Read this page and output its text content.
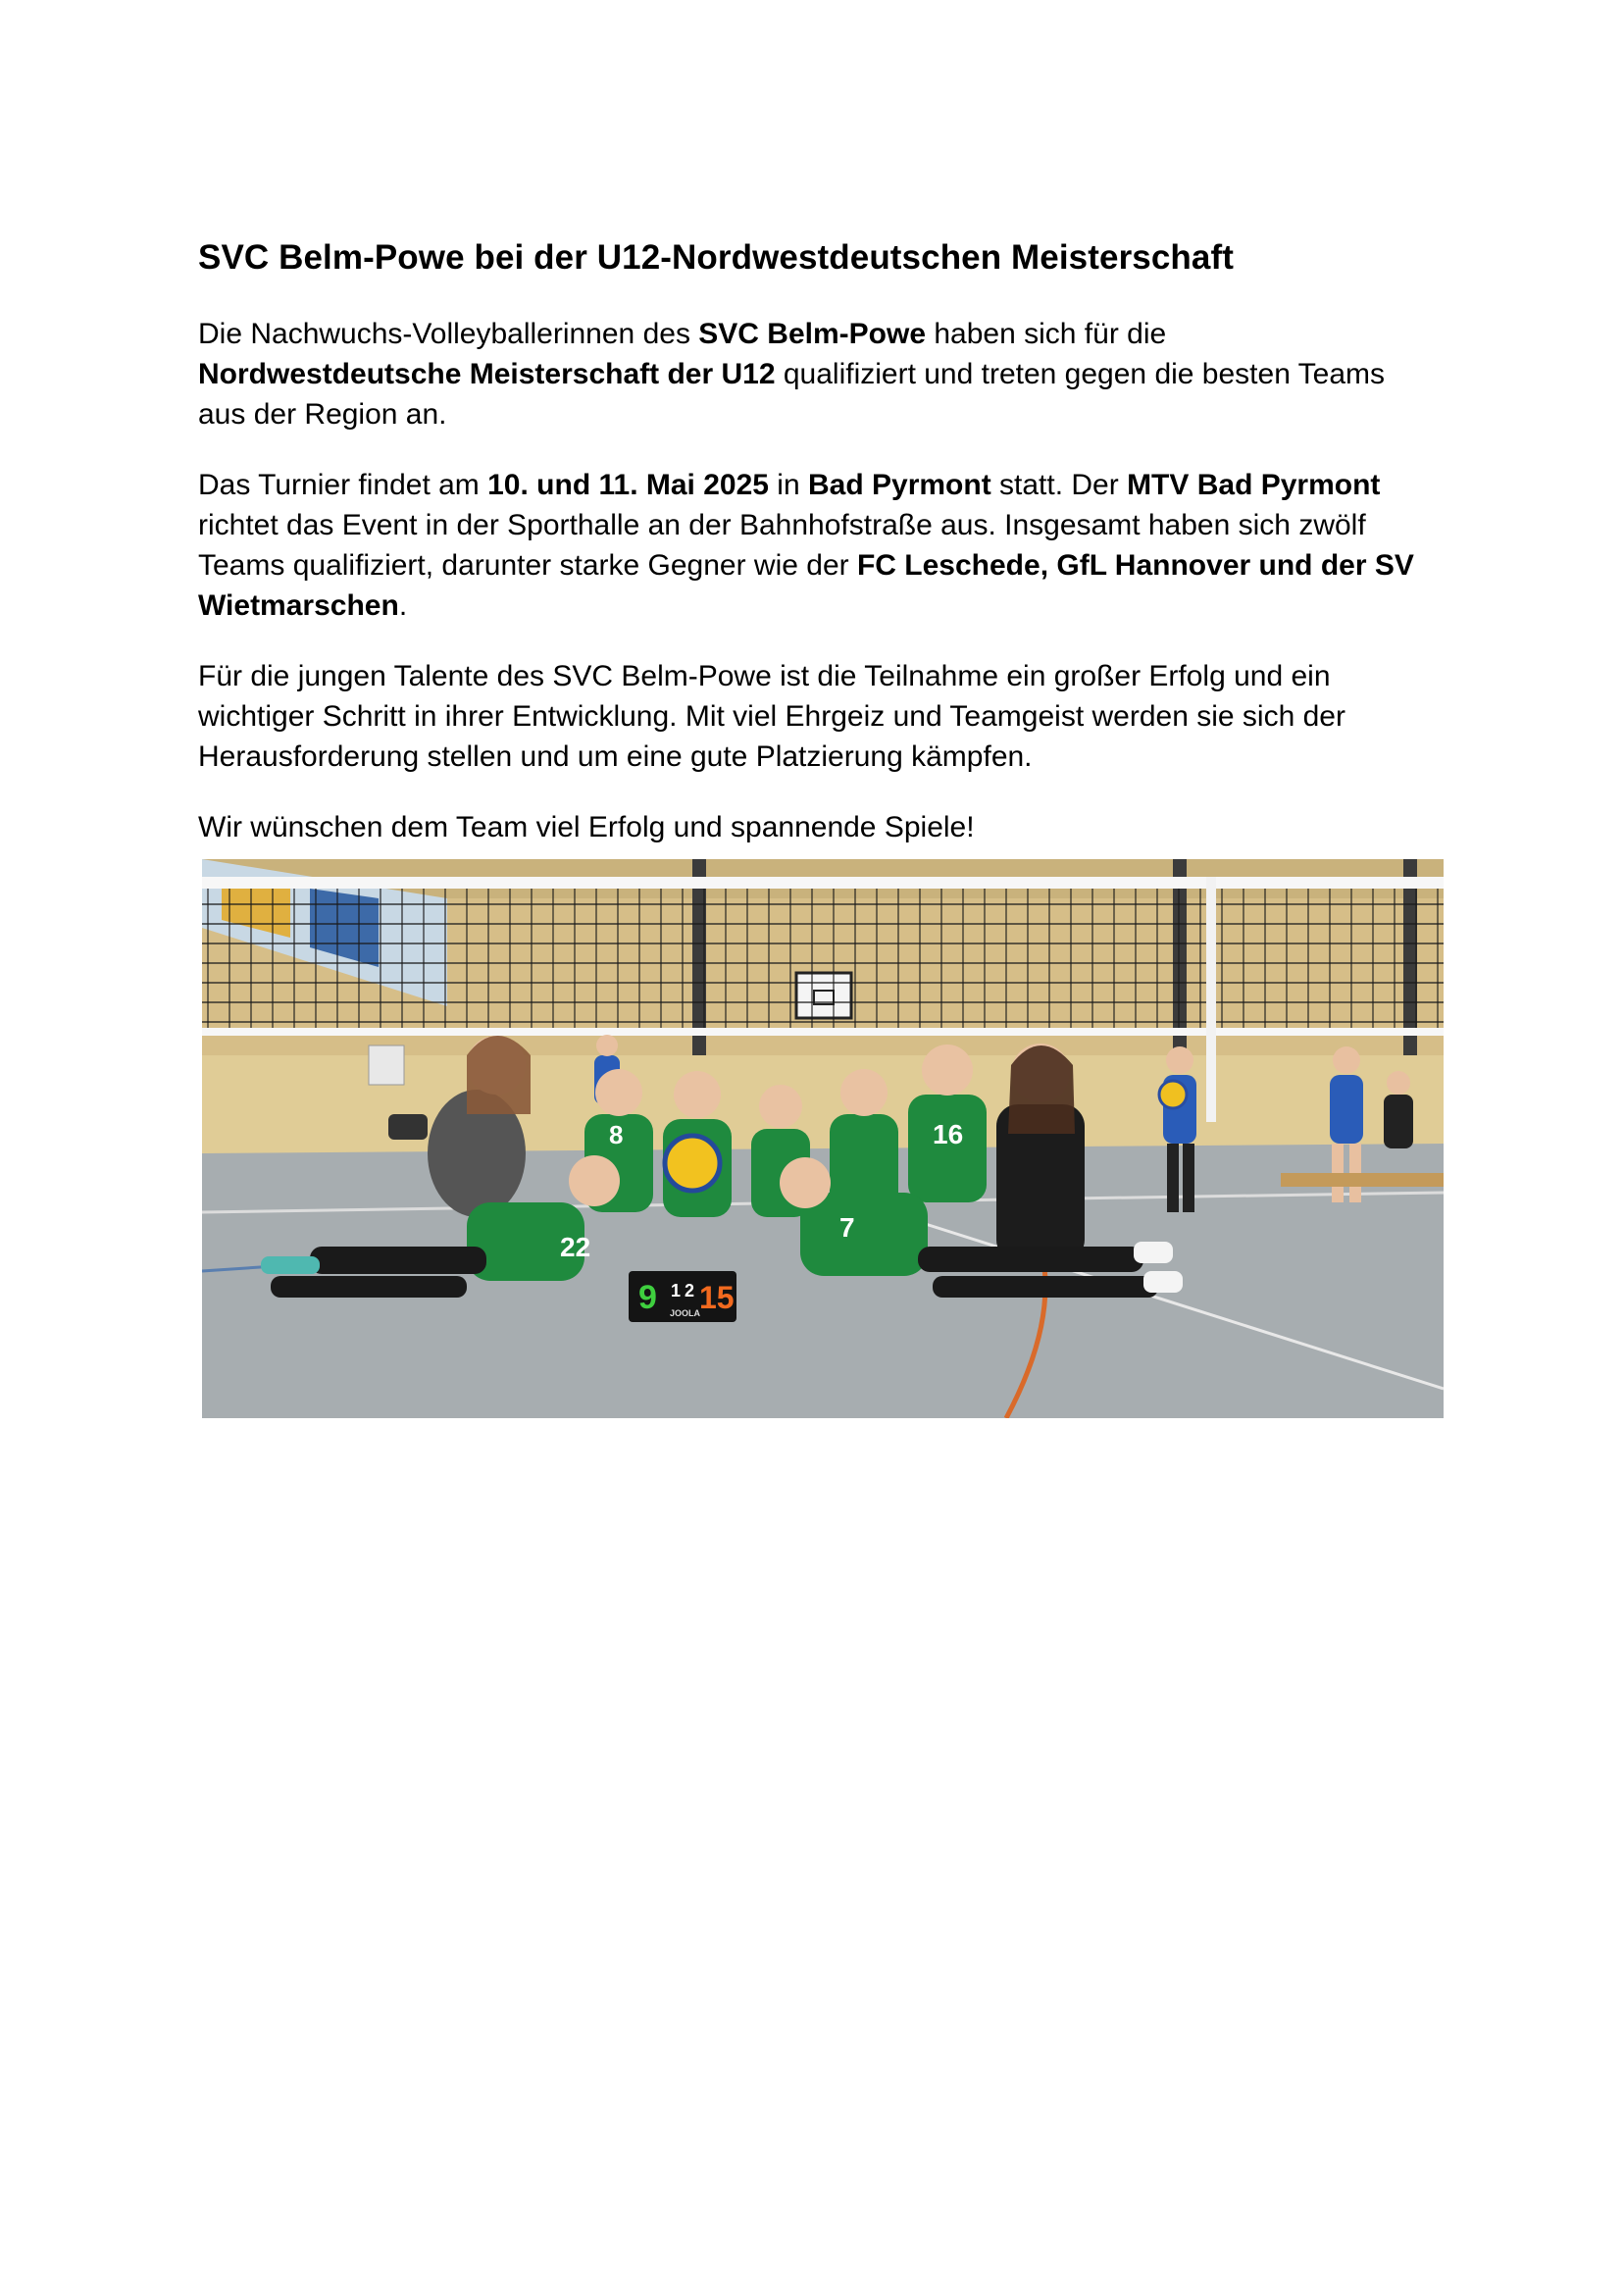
SVC Belm-Powe bei der U12-Nordwestdeutschen Meisterschaft

Die Nachwuchs-Volleyballerinnen des SVC Belm-Powe haben sich für die Nordwestdeutsche Meisterschaft der U12 qualifiziert und treten gegen die besten Teams aus der Region an.

Das Turnier findet am 10. und 11. Mai 2025 in Bad Pyrmont statt. Der MTV Bad Pyrmont richtet das Event in der Sporthalle an der Bahnhofstraße aus. Insgesamt haben sich zwölf Teams qualifiziert, darunter starke Gegner wie der FC Leschede, GfL Hannover und der SV Wietmarschen.

Für die jungen Talente des SVC Belm-Powe ist die Teilnahme ein großer Erfolg und ein wichtiger Schritt in ihrer Entwicklung. Mit viel Ehrgeiz und Teamgeist werden sie sich der Herausforderung stellen und um eine gute Platzierung kämpfen.

Wir wünschen dem Team viel Erfolg und spannende Spiele!

8	16
22
7
9 1 2 15
JOOLA
